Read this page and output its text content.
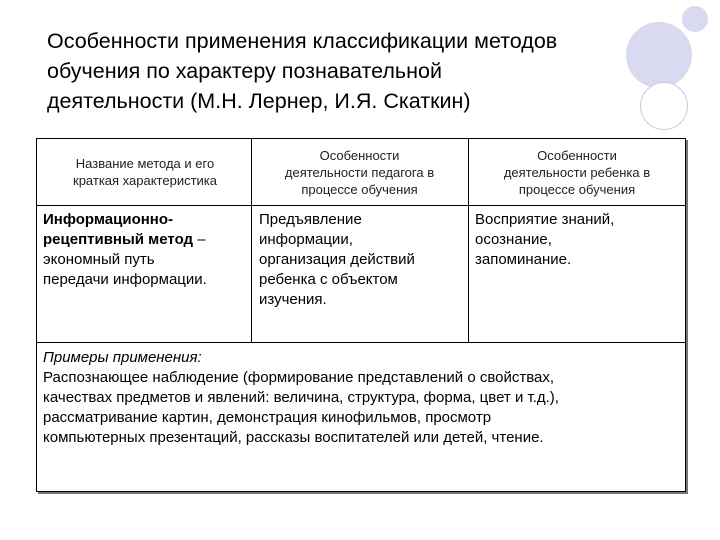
Особенности применения классификации методов
обучения по характеру познавательной
деятельности (М.Н. Лернер, И.Я. Скаткин)
Название метода и его
краткая характеристика
Особенности
деятельности педагога в
процессе обучения
Особенности
деятельности ребенка в
процессе обучения
Информационно-
рецептивный метод –
экономный путь
передачи информации.
Предъявление
информации,
организация действий
ребенка с объектом
изучения.
Восприятие знаний,
осознание,
запоминание.
Примеры применения:
Распознающее наблюдение (формирование представлений о свойствах,
качествах предметов и явлений: величина, структура, форма, цвет и т.д.),
рассматривание картин, демонстрация кинофильмов, просмотр
компьютерных презентаций, рассказы воспитателей или детей, чтение.
